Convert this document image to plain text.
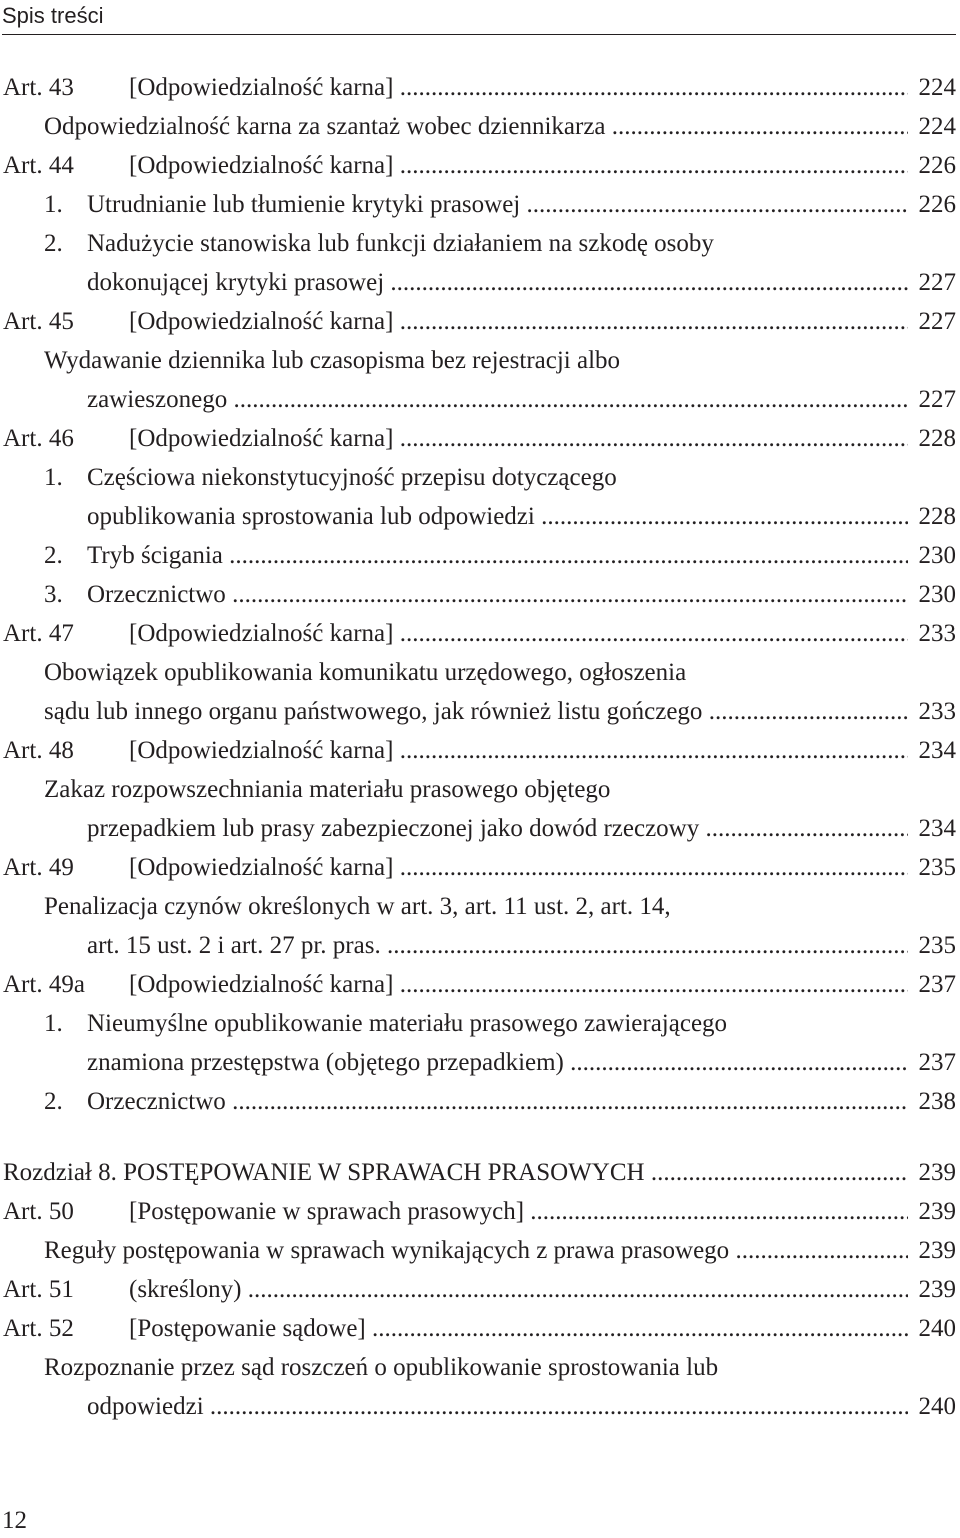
Spis treści
Art. 43 [Odpowiedzialność karna] .....	224
Odpowiedzialność karna za szantaż wobec dziennikarza .....	224
Art. 44 [Odpowiedzialność karna] .....	226
1. Utrudnianie lub tłumienie krytyki prasowej .....	226
2. Nadużycie stanowiska lub funkcji działaniem na szkodę osoby
dokonującej krytyki prasowej .....	227
Art. 45 [Odpowiedzialność karna] .....	227
Wydawanie dziennika lub czasopisma bez rejestracji albo
zawieszonego .....	227
Art. 46 [Odpowiedzialność karna] .....	228
1. Częściowa niekonstytucyjność przepisu dotyczącego
opublikowania sprostowania lub odpowiedzi .....	228
2. Tryb ścigania .....	230
3. Orzecznictwo .....	230
Art. 47 [Odpowiedzialność karna] .....	233
Obowiązek opublikowania komunikatu urzędowego, ogłoszenia
sądu lub innego organu państwowego, jak również listu gończego .....	233
Art. 48 [Odpowiedzialność karna] .....	234
Zakaz rozpowszechniania materiału prasowego objętego
przepadkiem lub prasy zabezpieczonej jako dowód rzeczowy .....	234
Art. 49 [Odpowiedzialność karna] .....	235
Penalizacja czynów określonych w art. 3, art. 11 ust. 2, art. 14,
art. 15 ust. 2 i art. 27 pr. pras. .....	235
Art. 49a [Odpowiedzialność karna] .....	237
1. Nieumyślne opublikowanie materiału prasowego zawierającego
znamiona przestępstwa (objętego przepadkiem) .....	237
2. Orzecznictwo .....	238
Rozdział 8. POSTĘPOWANIE W SPRAWACH PRASOWYCH .....	239
Art. 50 [Postępowanie w sprawach prasowych] .....	239
Reguły postępowania w sprawach wynikających z prawa prasowego .....	239
Art. 51 (skreślony) .....	239
Art. 52 [Postępowanie sądowe] .....	240
Rozpoznanie przez sąd roszczeń o opublikowanie sprostowania lub
odpowiedzi .....	240
12
